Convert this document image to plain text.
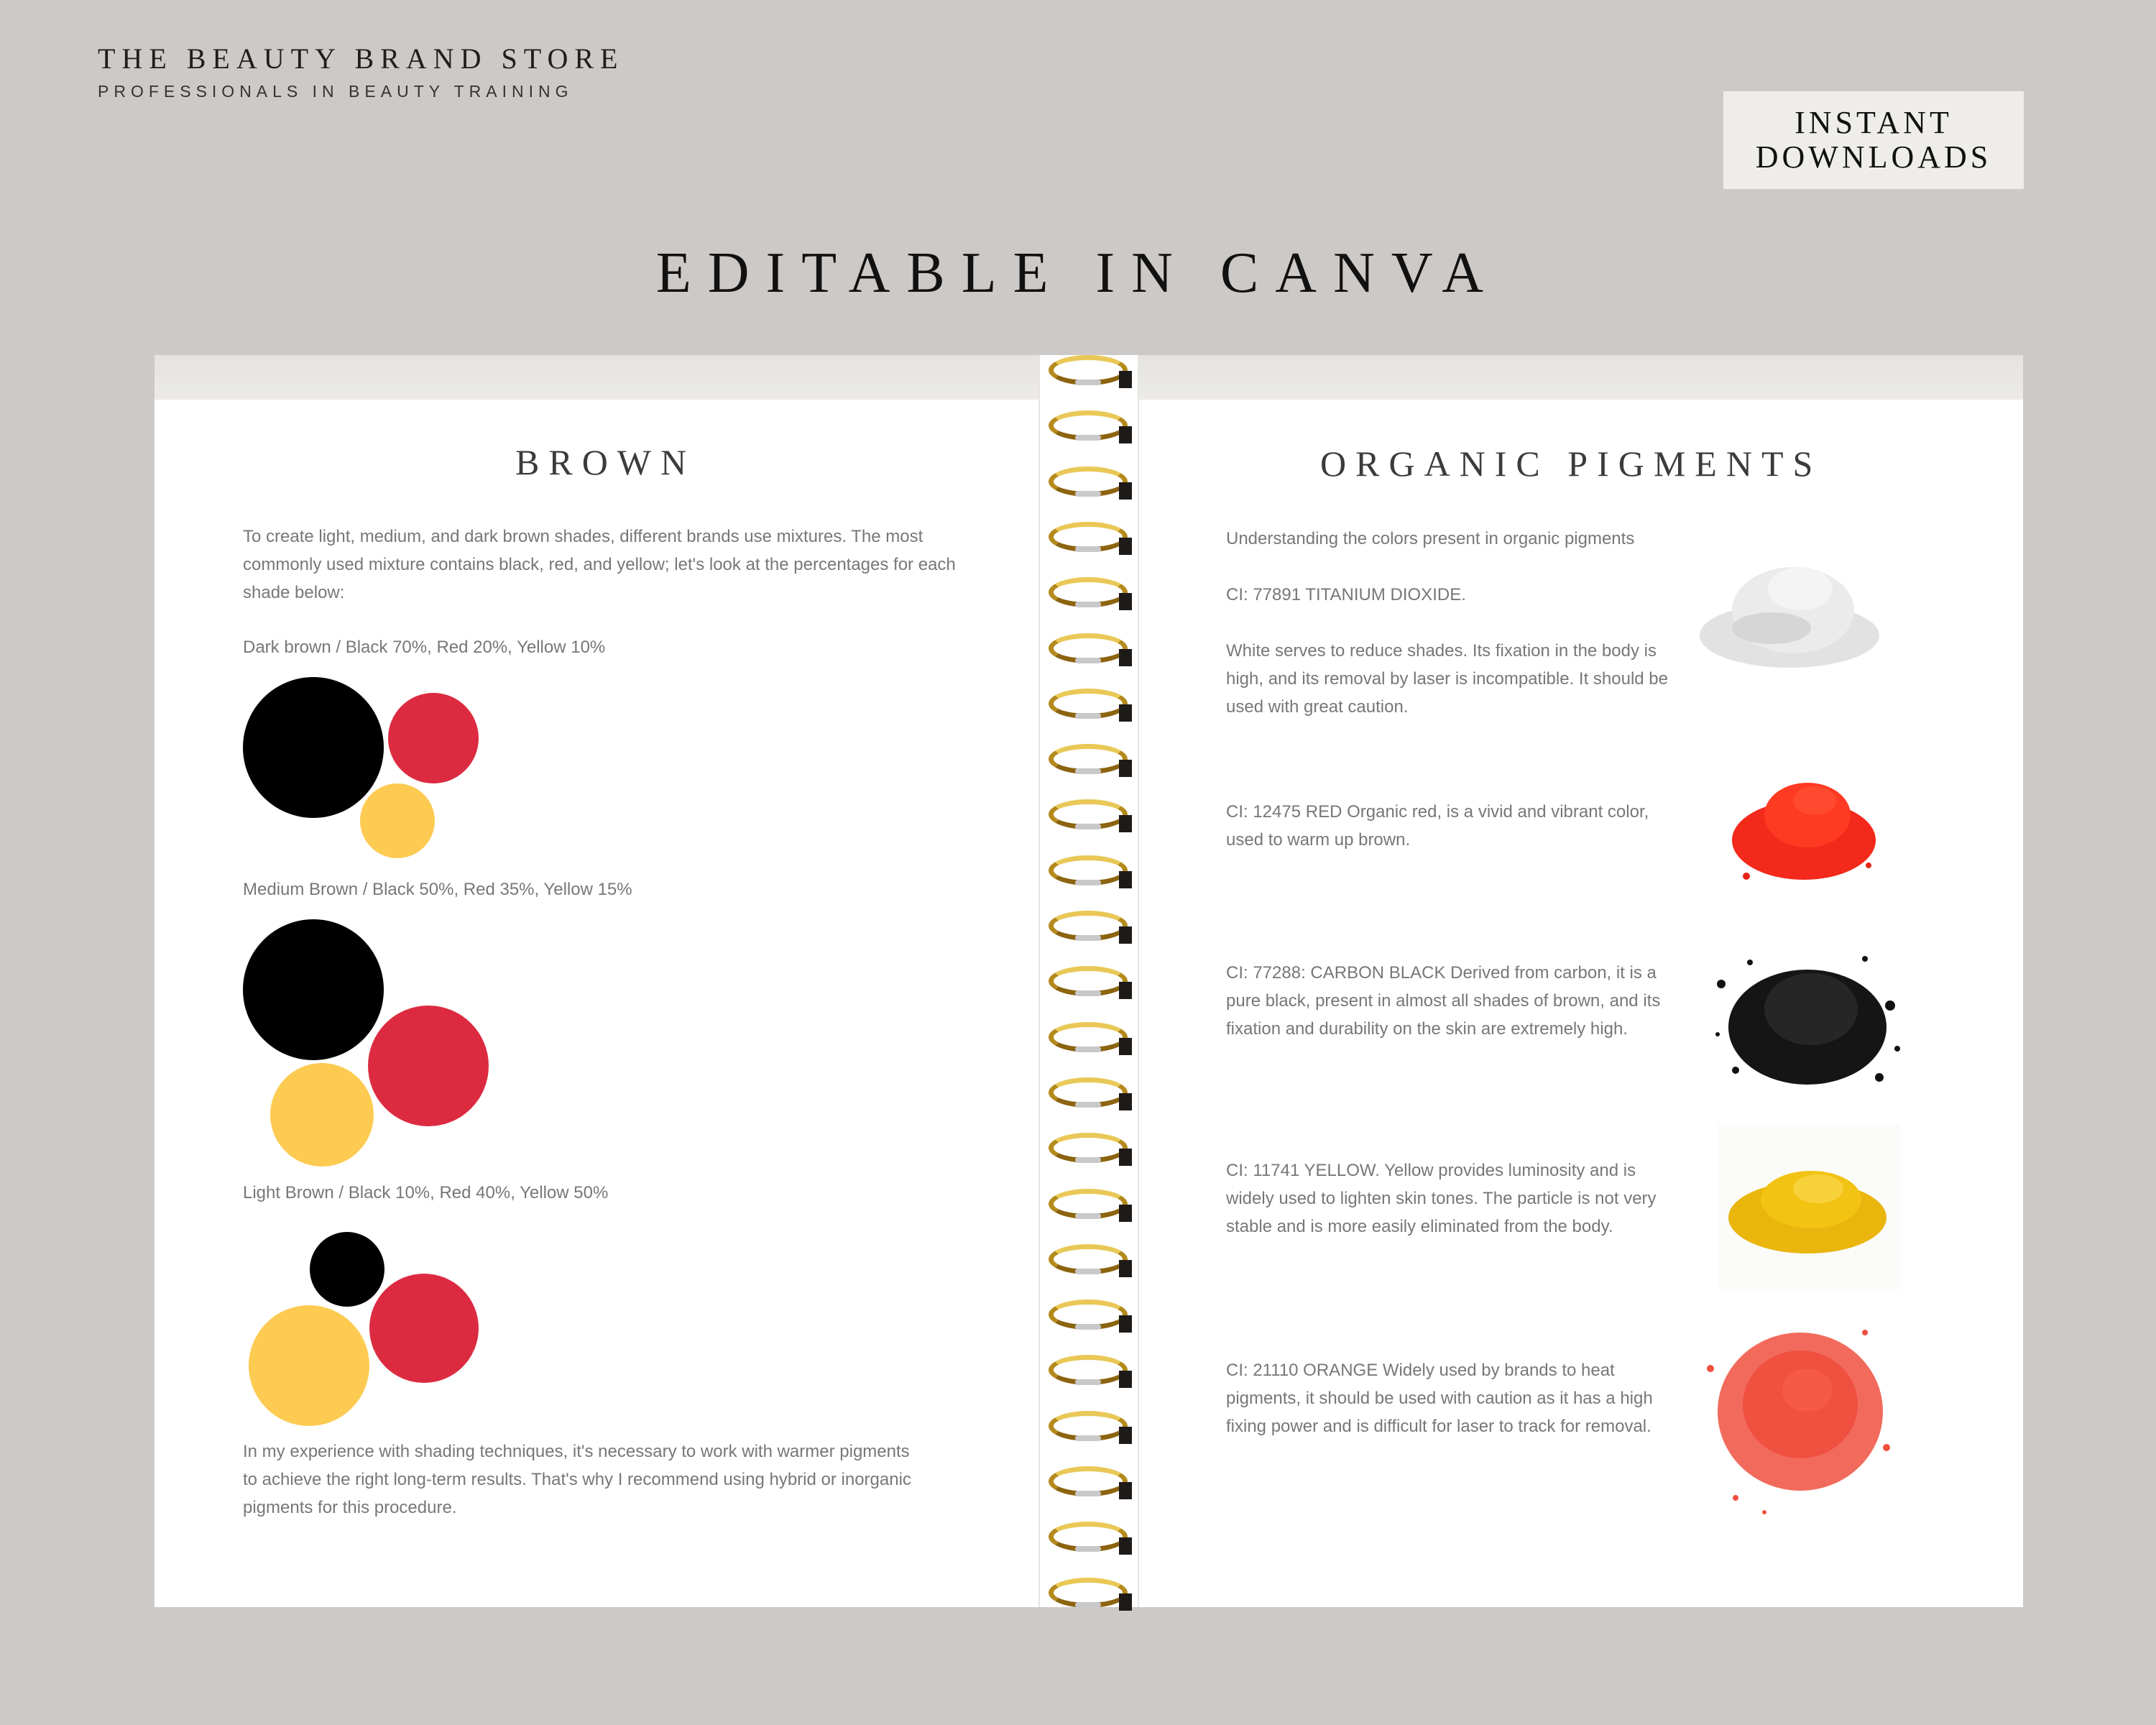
THE BEAUTY BRAND STORE
PROFESSIONALS IN BEAUTY TRAINING
INSTANT
DOWNLOADS
EDITABLE IN CANVA
BROWN
To create light, medium, and dark brown shades, different brands use mixtures. The most commonly used mixture contains black, red, and yellow; let's look at the percentages for each shade below:
Dark brown / Black 70%, Red 20%, Yellow 10%
Medium Brown / Black 50%, Red 35%, Yellow 15%
Light Brown / Black 10%, Red 40%, Yellow 50%
In my experience with shading techniques, it's necessary to work with warmer pigments to achieve the right long-term results. That's why I recommend using hybrid or inorganic pigments for this procedure.
ORGANIC PIGMENTS
Understanding the colors present in organic pigments
CI: 77891 TITANIUM DIOXIDE.
White serves to reduce shades. Its fixation in the body is high, and its removal by laser is incompatible. It should be used with great caution.
CI: 12475 RED Organic red, is a vivid and vibrant color, used to warm up brown.
CI: 77288: CARBON BLACK Derived from carbon, it is a pure black, present in almost all shades of brown, and its fixation and durability on the skin are extremely high.
CI: 11741 YELLOW. Yellow provides luminosity and is widely used to lighten skin tones. The particle is not very stable and is more easily eliminated from the body.
CI: 21110 ORANGE Widely used by brands to heat pigments, it should be used with caution as it has a high fixing power and is difficult for laser to track for removal.
